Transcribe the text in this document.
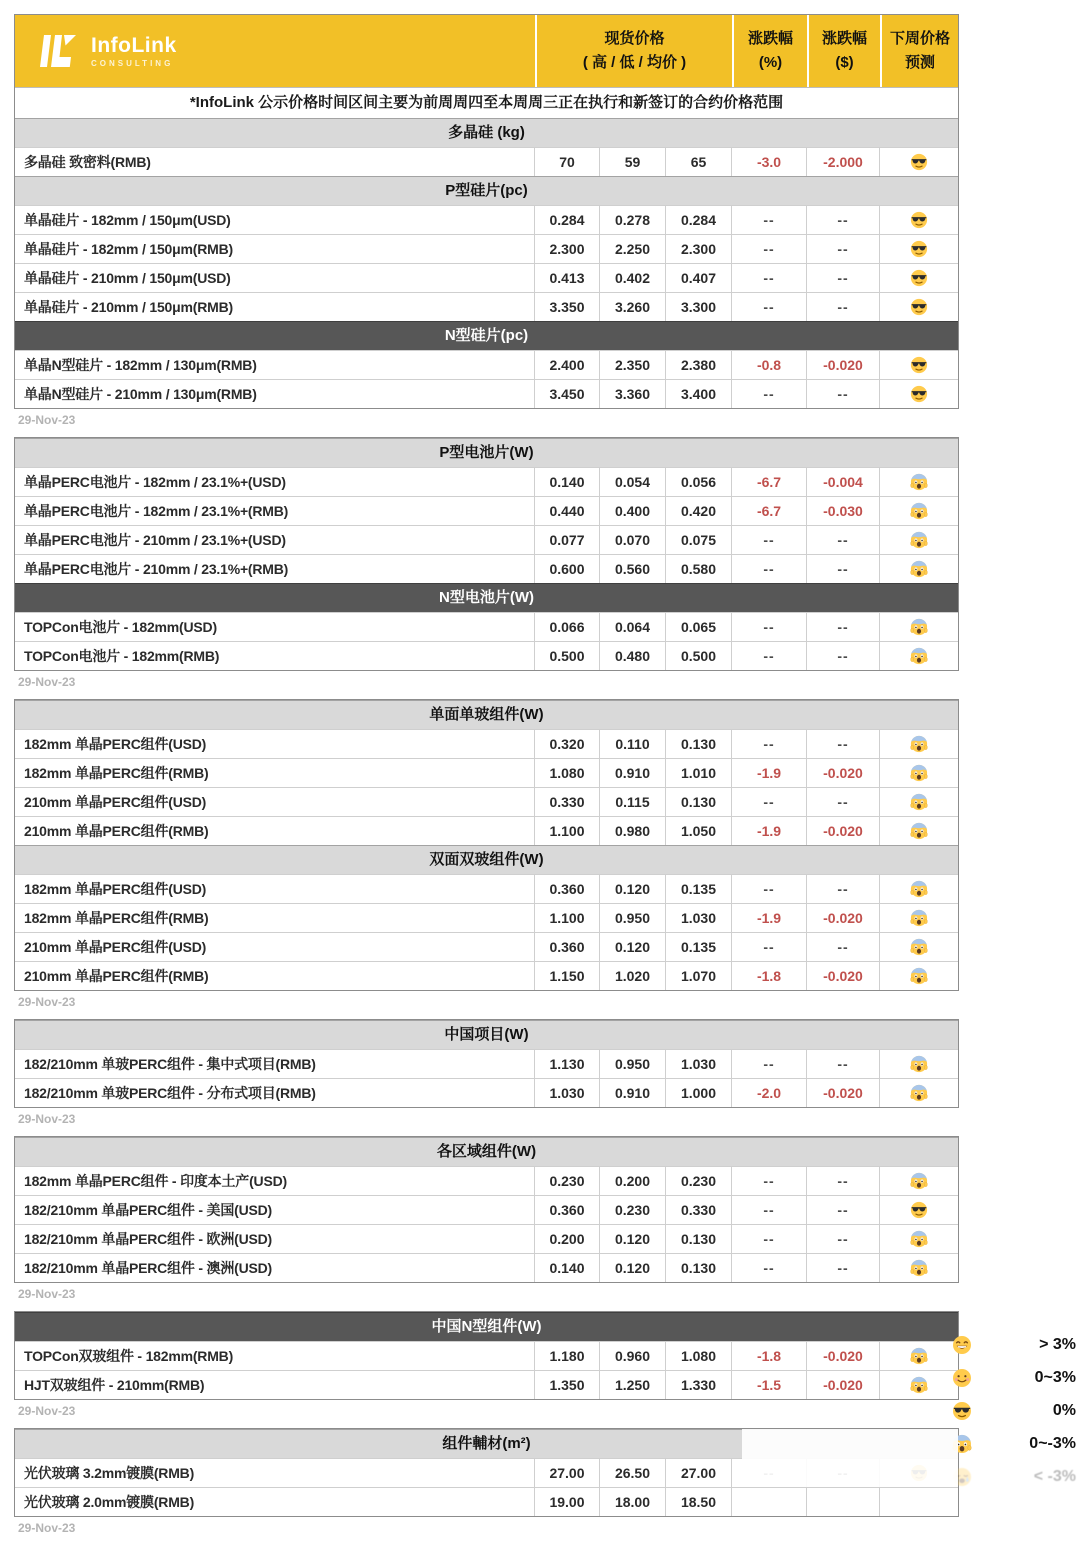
InfoLink
CONSULTING
现货价格
( 高 / 低 / 均价 )
涨跌幅
(%)
涨跌幅
($)
下周价格
预测
*InfoLink 公示价格时间区间主要为前周周四至本周周三正在执行和新签订的合约价格范围
多晶硅 (kg)
多晶硅 致密料(RMB)	70	59	65	-3.0	-2.000
P型硅片(pc)
单晶硅片 - 182mm / 150μm(USD)	0.284	0.278	0.284	--	--
单晶硅片 - 182mm / 150μm(RMB)	2.300	2.250	2.300	--	--
单晶硅片 - 210mm / 150μm(USD)	0.413	0.402	0.407	--	--
单晶硅片 - 210mm / 150μm(RMB)	3.350	3.260	3.300	--	--
N型硅片(pc)
单晶N型硅片 - 182mm / 130μm(RMB)	2.400	2.350	2.380	-0.8	-0.020
单晶N型硅片 - 210mm / 130μm(RMB)	3.450	3.360	3.400	--	--
29-Nov-23
P型电池片(W)
单晶PERC电池片 - 182mm / 23.1%+(USD)	0.140	0.054	0.056	-6.7	-0.004
单晶PERC电池片 - 182mm / 23.1%+(RMB)	0.440	0.400	0.420	-6.7	-0.030
单晶PERC电池片 - 210mm / 23.1%+(USD)	0.077	0.070	0.075	--	--
单晶PERC电池片 - 210mm / 23.1%+(RMB)	0.600	0.560	0.580	--	--
N型电池片(W)
TOPCon电池片 - 182mm(USD)	0.066	0.064	0.065	--	--
TOPCon电池片 - 182mm(RMB)	0.500	0.480	0.500	--	--
29-Nov-23
单面单玻组件(W)
182mm 单晶PERC组件(USD)	0.320	0.110	0.130	--	--
182mm 单晶PERC组件(RMB)	1.080	0.910	1.010	-1.9	-0.020
210mm 单晶PERC组件(USD)	0.330	0.115	0.130	--	--
210mm 单晶PERC组件(RMB)	1.100	0.980	1.050	-1.9	-0.020
双面双玻组件(W)
182mm 单晶PERC组件(USD)	0.360	0.120	0.135	--	--
182mm 单晶PERC组件(RMB)	1.100	0.950	1.030	-1.9	-0.020
210mm 单晶PERC组件(USD)	0.360	0.120	0.135	--	--
210mm 单晶PERC组件(RMB)	1.150	1.020	1.070	-1.8	-0.020
29-Nov-23
中国项目(W)
182/210mm 单玻PERC组件 - 集中式项目(RMB)	1.130	0.950	1.030	--	--
182/210mm 单玻PERC组件 - 分布式项目(RMB)	1.030	0.910	1.000	-2.0	-0.020
29-Nov-23
各区域组件(W)
182mm 单晶PERC组件 - 印度本土产(USD)	0.230	0.200	0.230	--	--
182/210mm 单晶PERC组件 - 美国(USD)	0.360	0.230	0.330	--	--
182/210mm 单晶PERC组件 - 欧洲(USD)	0.200	0.120	0.130	--	--
182/210mm 单晶PERC组件 - 澳洲(USD)	0.140	0.120	0.130	--	--
29-Nov-23
中国N型组件(W)
TOPCon双玻组件 - 182mm(RMB)	1.180	0.960	1.080	-1.8	-0.020
HJT双玻组件 - 210mm(RMB)	1.350	1.250	1.330	-1.5	-0.020
29-Nov-23
组件輔材(m²)
光伏玻璃 3.2mm镀膜(RMB)	27.00	26.50	27.00
光伏玻璃 2.0mm镀膜(RMB)	19.00	18.00	18.50
29-Nov-23
> 3%
0~3%
0%
0~-3%
< -3%
